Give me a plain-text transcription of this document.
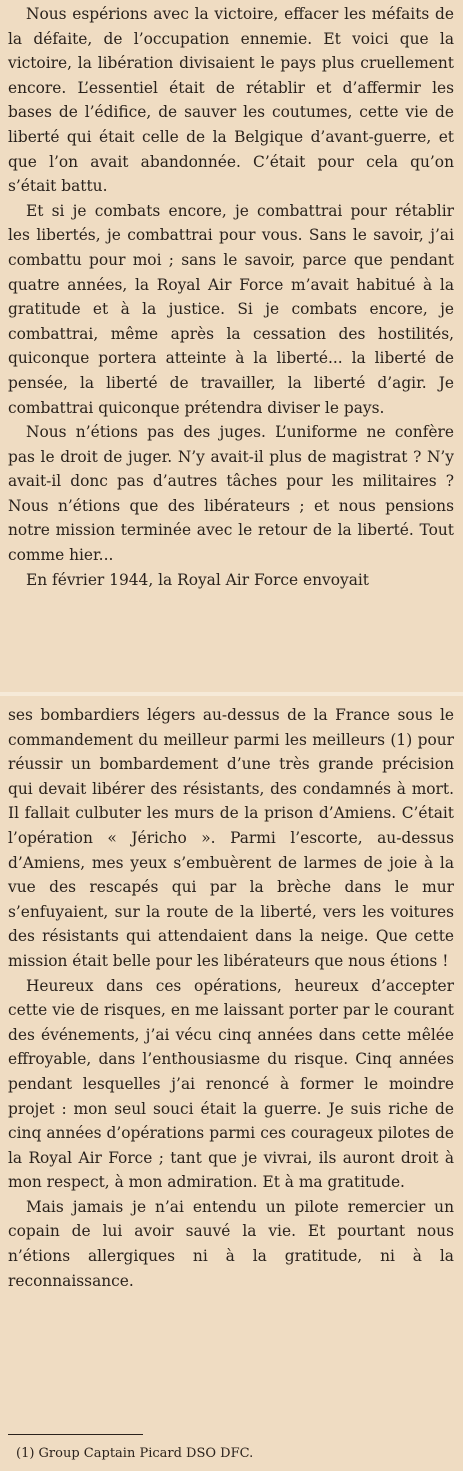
Nous espérions avec la victoire, effacer les méfaits de la défaite, de l’occupation ennemie. Et voici que la victoire, la libération divisaient le pays plus cruellement encore. L’essentiel était de rétablir et d’affermir les bases de l’édifice, de sauver les coutumes, cette vie de liberté qui était celle de la Belgique d’avant-guerre, et que l’on avait abandonnée. C’était pour cela qu’on s’était battu.

Et si je combats encore, je combattrai pour rétablir les libertés, je combattrai pour vous. Sans le savoir, j’ai combattu pour moi ; sans le savoir, parce que pendant quatre années, la Royal Air Force m’avait habitué à la gratitude et à la justice. Si je combats encore, je combattrai, même après la cessation des hostilités, quiconque portera atteinte à la liberté... la liberté de pensée, la liberté de travailler, la liberté d’agir. Je combattrai quiconque prétendra diviser le pays.

Nous n’étions pas des juges. L’uniforme ne confère pas le droit de juger. N’y avait-il plus de magistrat ? N’y avait-il donc pas d’autres tâches pour les militaires ? Nous n’étions que des libérateurs ; et nous pensions notre mission terminée avec le retour de la liberté. Tout comme hier...

En février 1944, la Royal Air Force envoyait

ses bombardiers légers au-dessus de la France sous le commandement du meilleur parmi les meilleurs (1) pour réussir un bombardement d’une très grande précision qui devait libérer des résistants, des condamnés à mort. Il fallait culbuter les murs de la prison d’Amiens. C’était l’opération « Jéricho ». Parmi l’escorte, au-dessus d’Amiens, mes yeux s’embuèrent de larmes de joie à la vue des rescapés qui par la brèche dans le mur s’enfuyaient, sur la route de la liberté, vers les voitures des résistants qui attendaient dans la neige. Que cette mission était belle pour les libérateurs que nous étions !

Heureux dans ces opérations, heureux d’accepter cette vie de risques, en me laissant porter par le courant des événements, j’ai vécu cinq années dans cette mêlée effroyable, dans l’enthousiasme du risque. Cinq années pendant lesquelles j’ai renoncé à former le moindre projet : mon seul souci était la guerre. Je suis riche de cinq années d’opérations parmi ces courageux pilotes de la Royal Air Force ; tant que je vivrai, ils auront droit à mon respect, à mon admiration. Et à ma gratitude.

Mais jamais je n’ai entendu un pilote remercier un copain de lui avoir sauvé la vie. Et pourtant nous n’étions allergiques ni à la gratitude, ni à la reconnaissance.

(1) Group Captain Picard DSO DFC.
